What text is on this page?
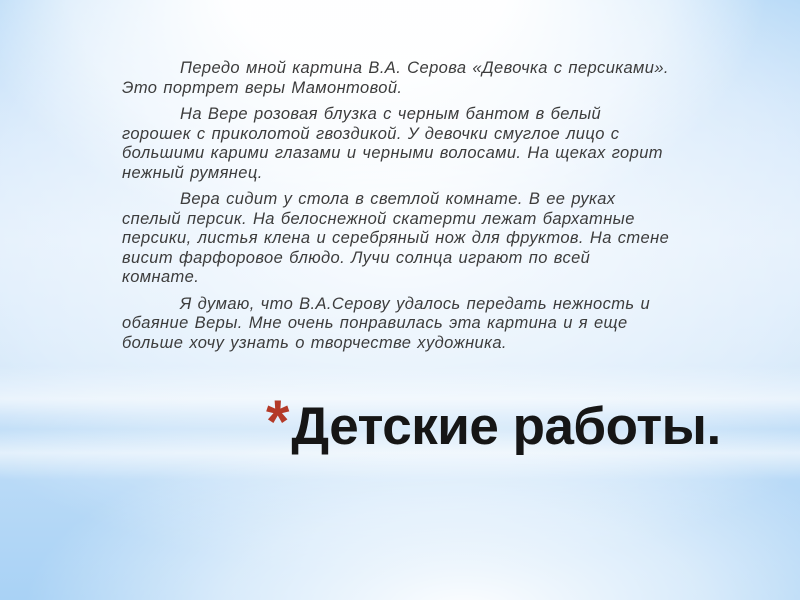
Передо мной картина В.А. Серова «Девочка с персиками». Это портрет веры Мамонтовой.

На Вере розовая блузка с черным бантом в белый горошек с приколотой гвоздикой. У девочки смуглое лицо с большими карими глазами и черными волосами. На щеках горит нежный румянец.

Вера сидит у стола в светлой комнате. В ее руках спелый персик. На белоснежной скатерти лежат бархатные персики, листья клена и серебряный нож для фруктов. На стене висит фарфоровое блюдо. Лучи солнца играют по всей комнате.

Я думаю, что В.А.Серову удалось передать нежность и обаяние Веры. Мне очень понравилась эта картина и я еще больше хочу узнать о творчестве художника.

* Детские работы.
